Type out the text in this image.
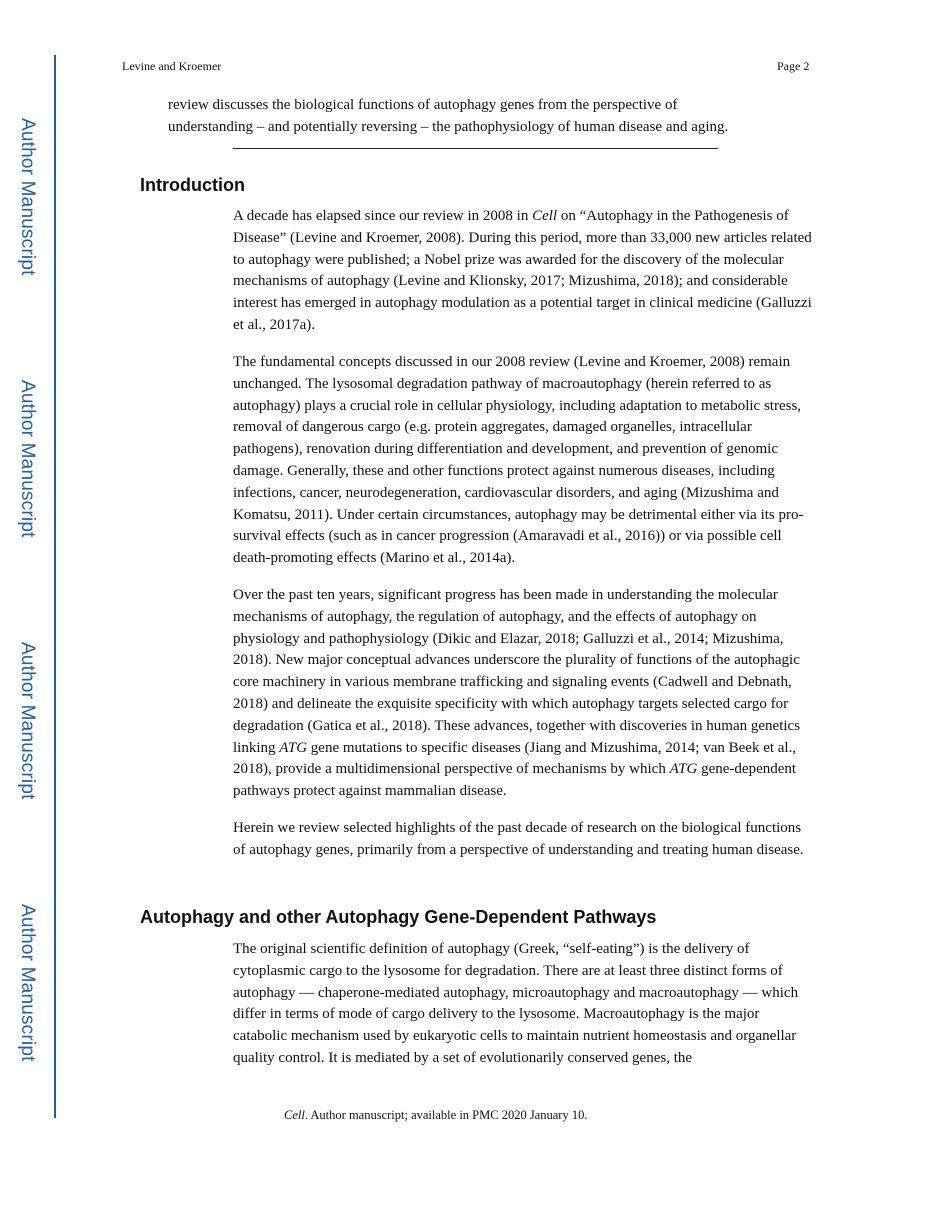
Author Manuscript
Author Manuscript
Author Manuscript
Author Manuscript
Levine and Kroemer	Page 2

review discusses the biological functions of autophagy genes from the perspective of

understanding – and potentially reversing – the pathophysiology of human disease and aging.

Introduction

A decade has elapsed since our review in 2008 in Cell on “Autophagy in the Pathogenesis of Disease” (Levine and Kroemer, 2008). During this period, more than 33,000 new articles related to autophagy were published; a Nobel prize was awarded for the discovery of the molecular mechanisms of autophagy (Levine and Klionsky, 2017; Mizushima, 2018); and considerable interest has emerged in autophagy modulation as a potential target in clinical medicine (Galluzzi et al., 2017a).

The fundamental concepts discussed in our 2008 review (Levine and Kroemer, 2008) remain unchanged. The lysosomal degradation pathway of macroautophagy (herein referred to as autophagy) plays a crucial role in cellular physiology, including adaptation to metabolic stress, removal of dangerous cargo (e.g. protein aggregates, damaged organelles, intracellular pathogens), renovation during differentiation and development, and prevention of genomic damage. Generally, these and other functions protect against numerous diseases, including infections, cancer, neurodegeneration, cardiovascular disorders, and aging (Mizushima and Komatsu, 2011). Under certain circumstances, autophagy may be detrimental either via its pro-survival effects (such as in cancer progression (Amaravadi et al., 2016)) or via possible cell death-promoting effects (Marino et al., 2014a).

Over the past ten years, significant progress has been made in understanding the molecular mechanisms of autophagy, the regulation of autophagy, and the effects of autophagy on physiology and pathophysiology (Dikic and Elazar, 2018; Galluzzi et al., 2014; Mizushima, 2018). New major conceptual advances underscore the plurality of functions of the autophagic core machinery in various membrane trafficking and signaling events (Cadwell and Debnath, 2018) and delineate the exquisite specificity with which autophagy targets selected cargo for degradation (Gatica et al., 2018). These advances, together with discoveries in human genetics linking ATG gene mutations to specific diseases (Jiang and Mizushima, 2014; van Beek et al., 2018), provide a multidimensional perspective of mechanisms by which ATG gene-dependent pathways protect against mammalian disease.

Herein we review selected highlights of the past decade of research on the biological functions of autophagy genes, primarily from a perspective of understanding and treating human disease.

Autophagy and other Autophagy Gene-Dependent Pathways

The original scientific definition of autophagy (Greek, “self-eating”) is the delivery of cytoplasmic cargo to the lysosome for degradation. There are at least three distinct forms of autophagy — chaperone-mediated autophagy, microautophagy and macroautophagy — which differ in terms of mode of cargo delivery to the lysosome. Macroautophagy is the major catabolic mechanism used by eukaryotic cells to maintain nutrient homeostasis and organellar quality control. It is mediated by a set of evolutionarily conserved genes, the

Cell. Author manuscript; available in PMC 2020 January 10.
